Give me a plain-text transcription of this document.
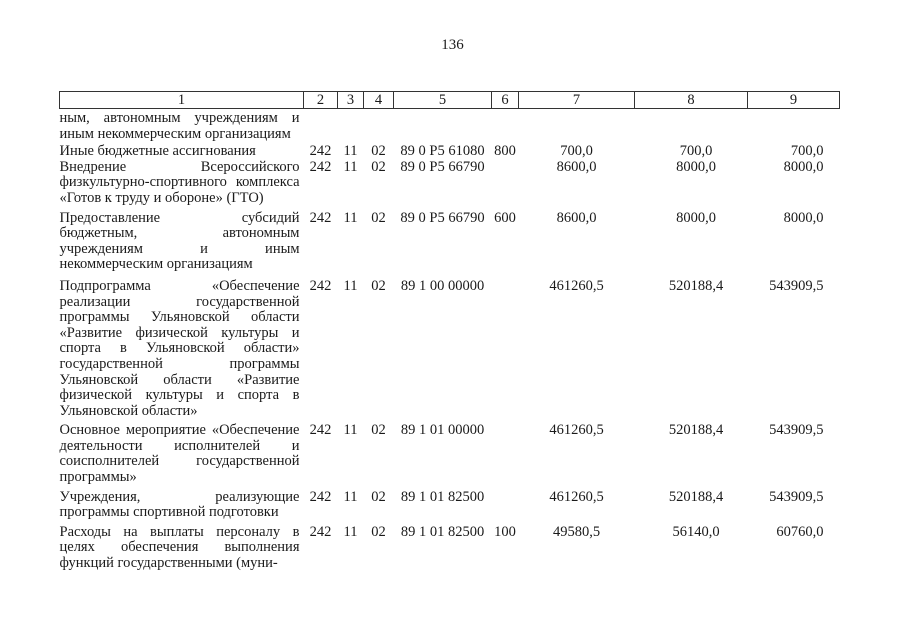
136
1	2	3	4	5	6	7	8	9
ным, автономным учреждениям и иным некоммерческим организациям								
Иные бюджетные ассигнования	242	11	02	89 0 P5 61080	800	700,0	700,0	700,0
Внедрение Всероссийского физкультурно-спортивного комплекса «Готов к труду и обороне» (ГТО)	242	11	02	89 0 P5 66790		8600,0	8000,0	8000,0
Предоставление субсидий бюджетным, автономным учреждениям и иным некоммерческим организациям	242	11	02	89 0 P5 66790	600	8600,0	8000,0	8000,0
Подпрограмма «Обеспечение реализации государственной программы Ульяновской области «Развитие физической культуры и спорта в Ульяновской области» государственной программы Ульяновской области «Развитие физической культуры и спорта в Ульяновской области»	242	11	02	89 1 00 00000		461260,5	520188,4	543909,5
Основное мероприятие «Обеспечение деятельности исполнителей и соисполнителей государственной программы»	242	11	02	89 1 01 00000		461260,5	520188,4	543909,5
Учреждения, реализующие программы спортивной подготовки	242	11	02	89 1 01 82500		461260,5	520188,4	543909,5
Расходы на выплаты персоналу в целях обеспечения выполнения функций государственными (муни-	242	11	02	89 1 01 82500	100	49580,5	56140,0	60760,0
